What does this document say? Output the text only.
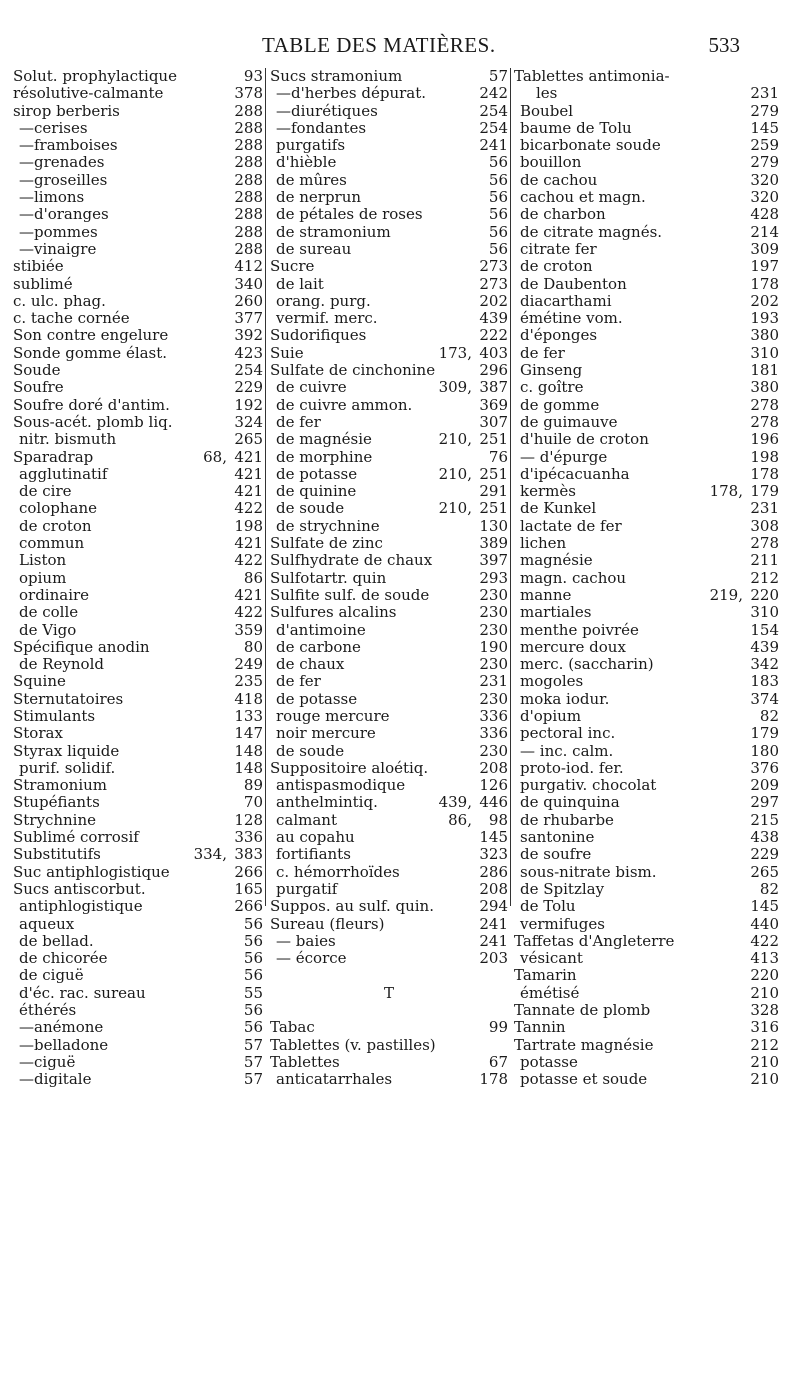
TABLE DES MATIÈRES.	533
Solut. prophylactique	93
résolutive-calmante	378
sirop berberis	288
—cerises	288
—framboises	288
—grenades	288
—groseilles	288
—limons	288
—d'oranges	288
—pommes	288
—vinaigre	288
stibiée	412
sublimé	340
c. ulc. phag.	260
c. tache cornée	377
Son contre engelure	392
Sonde gomme élast.	423
Soude	254
Soufre	229
Soufre doré d'antim.	192
Sous-acét. plomb liq.	324
nitr. bismuth	265
Sparadrap	68, 421
agglutinatif	421
de cire	421
colophane	422
de croton	198
commun	421
Liston	422
opium	86
ordinaire	421
de colle	422
de Vigo	359
Spécifique anodin	80
de Reynold	249
Squine	235
Sternutatoires	418
Stimulants	133
Storax	147
Styrax liquide	148
purif. solidif.	148
Stramonium	89
Stupéfiants	70
Strychnine	128
Sublimé corrosif	336
Substitutifs	334, 383
Suc antiphlogistique	266
Sucs antiscorbut.	165
antiphlogistique	266
aqueux	56
de bellad.	56
de chicorée	56
de ciguë	56
d'éc. rac. sureau	55
éthérés	56
—anémone	56
—belladone	57
—ciguë	57
—digitale	57
Sucs stramonium	57
—d'herbes dépurat.	242
—diurétiques	254
—fondantes	254
purgatifs	241
d'hièble	56
de mûres	56
de nerprun	56
de pétales de roses	56
de stramonium	56
de sureau	56
Sucre	273
de lait	273
orang. purg.	202
vermif. merc.	439
Sudorifiques	222
Suie	173, 403
Sulfate de cinchonine	296
de cuivre	309, 387
de cuivre ammon.	369
de fer	307
de magnésie	210, 251
de morphine	76
de potasse	210, 251
de quinine	291
de soude	210, 251
de strychnine	130
Sulfate de zinc	389
Sulfhydrate de chaux	397
Sulfotartr. quin	293
Sulfite sulf. de soude	230
Sulfures alcalins	230
d'antimoine	230
de carbone	190
de chaux	230
de fer	231
de potasse	230
rouge mercure	336
noir mercure	336
de soude	230
Suppositoire aloétiq.	208
antispasmodique	126
anthelmintiq.	439, 446
calmant	86, 98
au copahu	145
fortifiants	323
c. hémorrhoïdes	286
purgatif	208
Suppos. au sulf. quin.	294
Sureau (fleurs)	241
— baies	241
— écorce	203
T
Tabac	99
Tablettes (v. pastilles)
Tablettes	67
anticatarrhales	178
Tablettes antimonia-
les	231
Boubel	279
baume de Tolu	145
bicarbonate soude	259
bouillon	279
de cachou	320
cachou et magn.	320
de charbon	428
de citrate magnés.	214
citrate fer	309
de croton	197
de Daubenton	178
diacarthami	202
émétine vom.	193
d'éponges	380
de fer	310
Ginseng	181
c. goître	380
de gomme	278
de guimauve	278
d'huile de croton	196
— d'épurge	198
d'ipécacuanha	178
kermès	178, 179
de Kunkel	231
lactate de fer	308
lichen	278
magnésie	211
magn. cachou	212
manne	219, 220
martiales	310
menthe poivrée	154
mercure doux	439
merc. (saccharin)	342
mogoles	183
moka iodur.	374
d'opium	82
pectoral inc.	179
— inc. calm.	180
proto-iod. fer.	376
purgativ. chocolat	209
de quinquina	297
de rhubarbe	215
santonine	438
de soufre	229
sous-nitrate bism.	265
de Spitzlay	82
de Tolu	145
vermifuges	440
Taffetas d'Angleterre	422
vésicant	413
Tamarin	220
émétisé	210
Tannate de plomb	328
Tannin	316
Tartrate magnésie	212
potasse	210
potasse et soude	210
